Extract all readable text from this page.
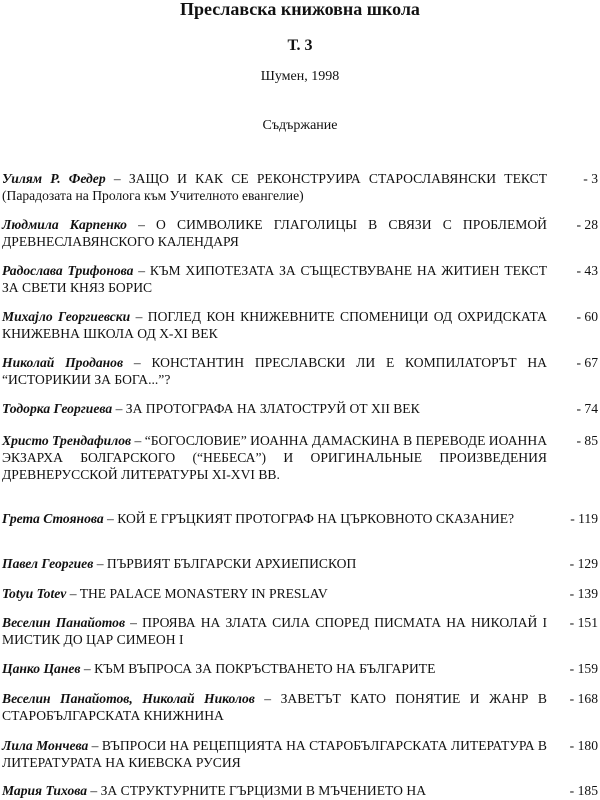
Преславска книжовна школа
Т. 3
Шумен, 1998
Съдържание
Уилям Р. Федер – ЗАЩО И КАК СЕ РЕКОНСТРУИРА СТАРОСЛАВЯНСКИ ТЕКСТ (Парадозата на Пролога към Учителното евангелие)
- 3
Людмила Карпенко – О СИМВОЛИКЕ ГЛАГОЛИЦЫ В СВЯЗИ С ПРОБЛЕМОЙ ДРЕВНЕСЛАВЯНСКОГО КАЛЕНДАРЯ
- 28
Радослава Трифонова – КЪМ ХИПОТЕЗАТА ЗА СЪЩЕСТВУВАНЕ НА ЖИТИЕН ТЕКСТ ЗА СВЕТИ КНЯЗ БОРИС
- 43
Михајло Георгиевски – ПОГЛЕД КОН КНИЖЕВНИТЕ СПОМЕНИЦИ ОД ОХРИДСКАТА КНИЖЕВНА ШКОЛА ОД X-XI ВЕК
- 60
Николай Проданов – КОНСТАНТИН ПРЕСЛАВСКИ ЛИ Е КОМПИЛАТОРЪТ НА “ИСТОРИКИИ ЗА БОГА...”?
- 67
Тодорка Георгиева – ЗА ПРОТОГРАФА НА ЗЛАТОСТРУЙ ОТ XII ВЕК	- 74
Христо Трендафилов – “БОГОСЛОВИЕ” ИОАННА ДАМАСКИНА В ПЕРЕВОДЕ ИОАННА ЭКЗАРХА БОЛГАРСКОГО (“НЕБЕСА”) И ОРИГИНАЛЬНЫЕ ПРОИЗВЕДЕНИЯ ДРЕВНЕРУССКОЙ ЛИТЕРАТУРЫ XI-XVI ВВ.
- 85
Грета Стоянова – КОЙ Е ГРЪЦКИЯТ ПРОТОГРАФ НА ЦЪРКОВНОТО СКАЗАНИЕ?	- 119
Павел Георгиев – ПЪРВИЯТ БЪЛГАРСКИ АРХИЕПИСКОП	- 129
Totyu Totev – THE PALACE MONASTERY IN PRESLAV	- 139
Веселин Панайотов – ПРОЯВА НА ЗЛАТА СИЛА СПОРЕД ПИСМАТА НА НИКОЛАЙ I МИСТИК ДО ЦАР СИМЕОН I
- 151
Цанко Цанев – КЪМ ВЪПРОСА ЗА ПОКРЪСТВАНЕТО НА БЪЛГАРИТЕ	- 159
Веселин Панайотов, Николай Николов – ЗАВЕТЪТ КАТО ПОНЯТИЕ И ЖАНР В СТАРОБЪЛГАРСКАТА КНИЖНИНА
- 168
Лила Мончева – ВЪПРОСИ НА РЕЦЕПЦИЯТА НА СТАРОБЪЛГАРСКАТА ЛИТЕРАТУРА В ЛИТЕРАТУРАТА НА КИЕВСКА РУСИЯ
- 180
Мария Тихова – ЗА СТРУКТУРНИТЕ ГЪРЦИЗМИ В МЪЧЕНИЕТО НА	- 185
